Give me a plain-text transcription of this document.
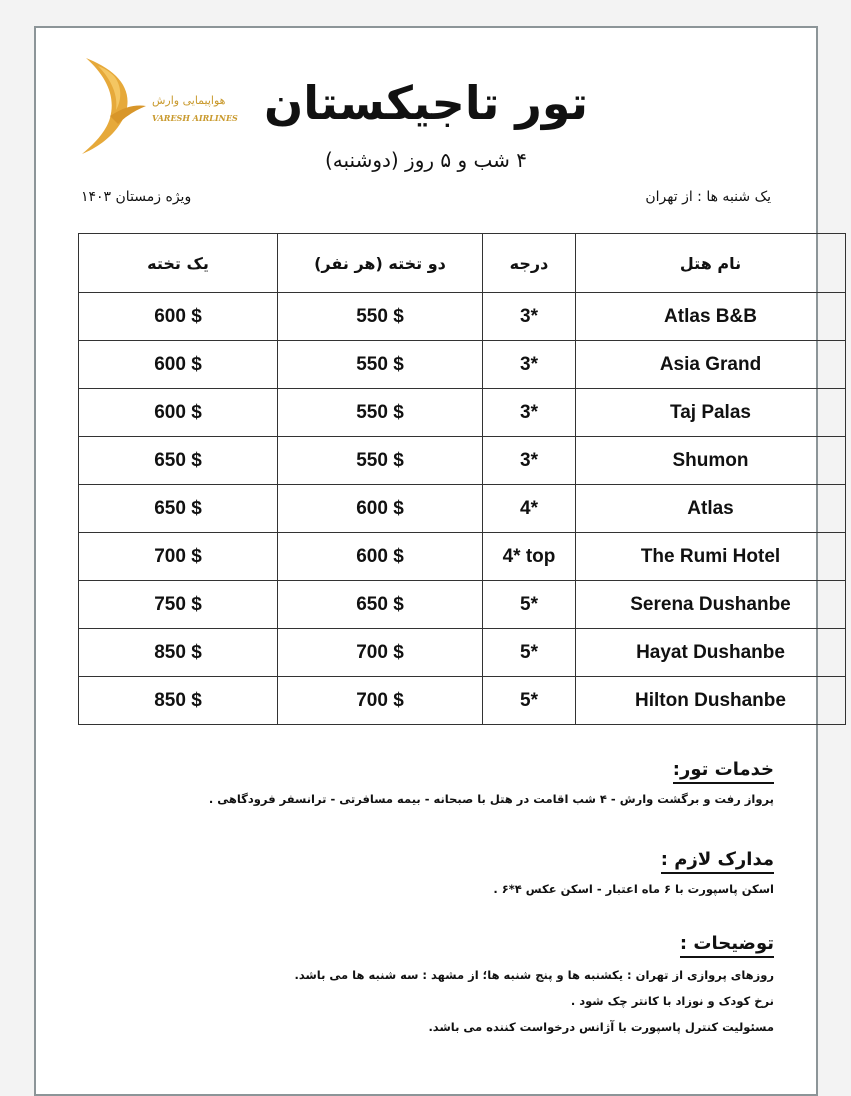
هواپیمایی وارش
VARESH AIRLINES تور تاجیکستان
۴ شب و ۵ روز (دوشنبه)
یک شنبه ها : از تهران
ویژه زمستان ۱۴۰۳
یک تخته	دو تخته (هر نفر)	درجه	نام هتل
600 $	550 $	3*	Atlas B&B
600 $	550 $	3*	Asia Grand
600 $	550 $	3*	Taj Palas
650 $	550 $	3*	Shumon
650 $	600 $	4*	Atlas
700 $	600 $	4* top	The Rumi Hotel
750 $	650 $	5*	Serena Dushanbe
850 $	700 $	5*	Hayat Dushanbe
850 $	700 $	5*	Hilton Dushanbe
خدمات تور:
پرواز رفت و برگشت وارش - ۴ شب اقامت در هتل با صبحانه - بیمه مسافرتی - ترانسفر فرودگاهی .
مدارک لازم :
اسکن پاسپورت با ۶ ماه اعتبار - اسکن عکس ۴*۶ .
توضیحات :
روزهای پروازی از تهران : یکشنبه ها و پنج شنبه ها؛ از مشهد : سه شنبه ها می باشد.
نرخ کودک و نوزاد با کانتر چک شود .
مسئولیت کنترل پاسپورت با آژانس درخواست کننده می باشد.
